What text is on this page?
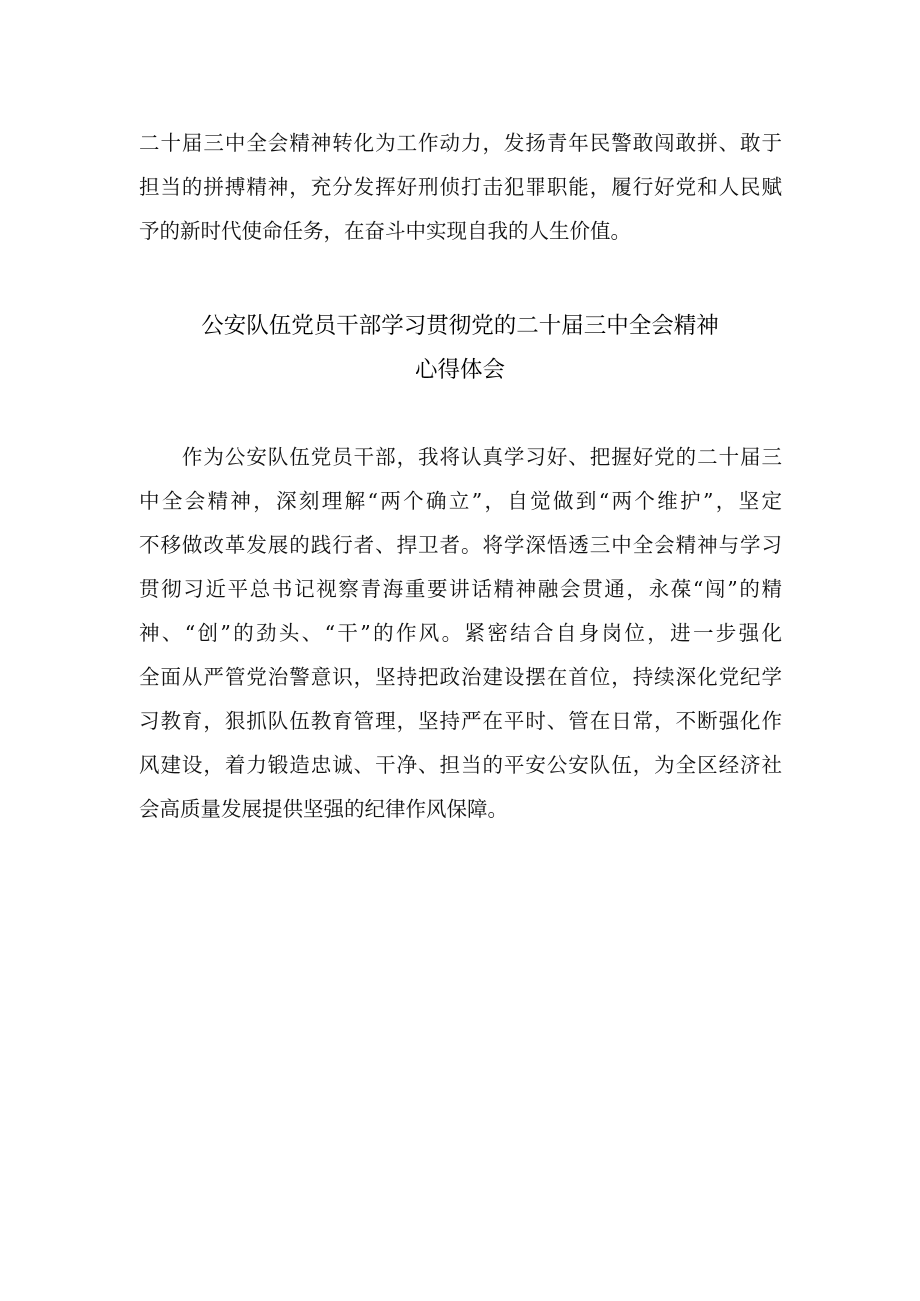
二十届三中全会精神转化为工作动力，发扬青年民警敢闯敢拼、敢于
担当的拼搏精神，充分发挥好刑侦打击犯罪职能，履行好党和人民赋
予的新时代使命任务，在奋斗中实现自我的人生价值。
公安队伍党员干部学习贯彻党的二十届三中全会精神
心得体会
　　作为公安队伍党员干部，我将认真学习好、把握好党的二十届三
中全会精神，深刻理解“两个确立”，自觉做到“两个维护”，坚定
不移做改革发展的践行者、捍卫者。将学深悟透三中全会精神与学习
贯彻习近平总书记视察青海重要讲话精神融会贯通，永葆“闯”的精
神、“创”的劲头、“干”的作风。紧密结合自身岗位，进一步强化
全面从严管党治警意识，坚持把政治建设摆在首位，持续深化党纪学
习教育，狠抓队伍教育管理，坚持严在平时、管在日常，不断强化作
风建设，着力锻造忠诚、干净、担当的平安公安队伍，为全区经济社
会高质量发展提供坚强的纪律作风保障。
